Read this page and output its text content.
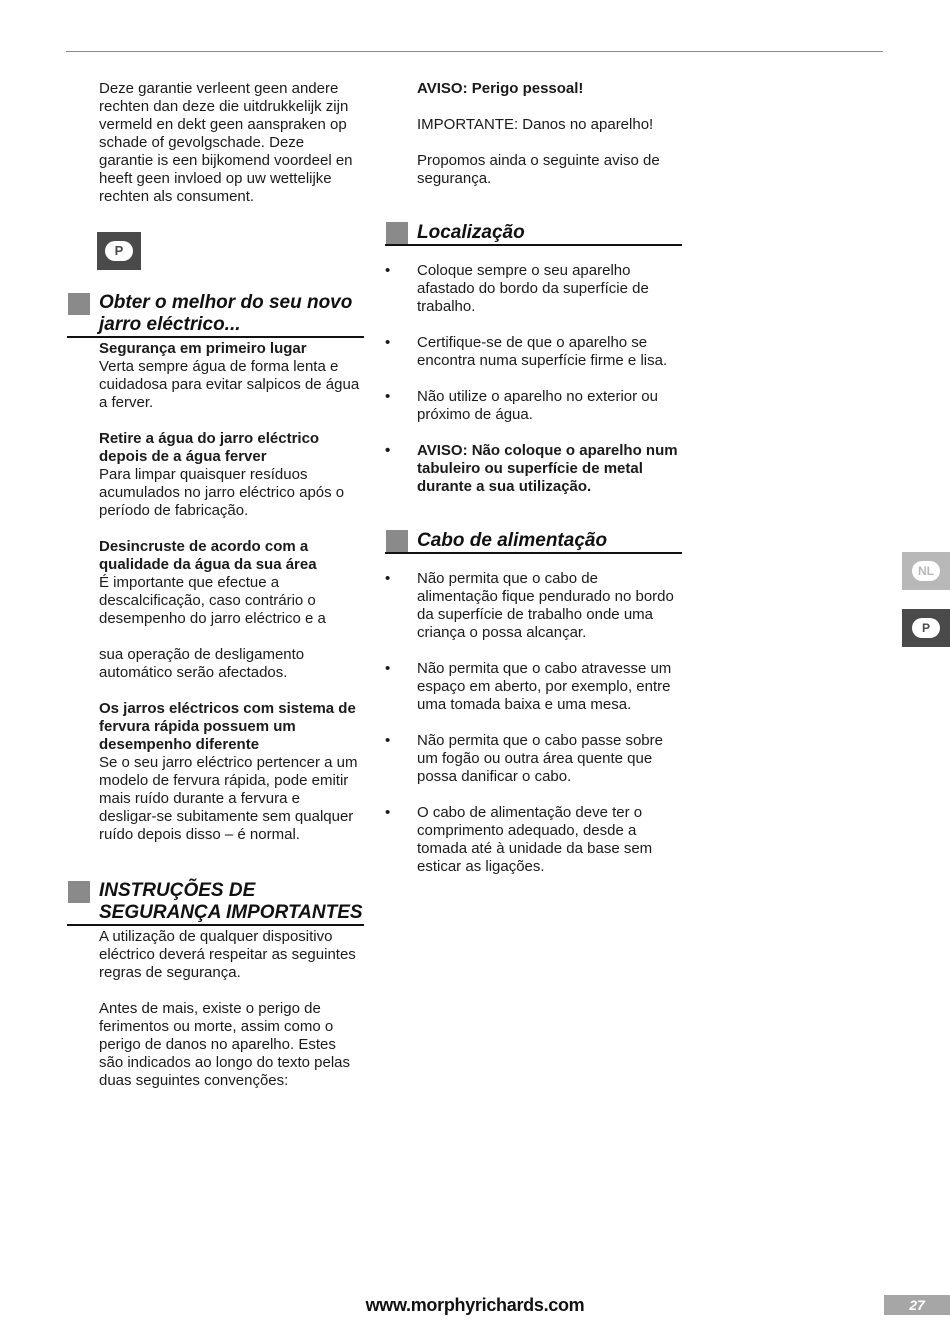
Deze garantie verleent geen andere rechten dan deze die uitdrukkelijk zijn vermeld en dekt geen aanspraken op schade of gevolgschade. Deze garantie is een bijkomend voordeel en heeft geen invloed op uw wettelijke rechten als consument.

P
Obter o melhor do seu novo jarro eléctrico...

Segurança em primeiro lugar

Verta sempre água de forma lenta e cuidadosa para evitar salpicos de água a ferver.

Retire a água do jarro eléctrico depois de a água ferver

Para limpar quaisquer resíduos acumulados no jarro eléctrico após o período de fabricação.

Desincruste de acordo com a qualidade da água da sua área

É importante que efectue a descalcificação, caso contrário o desempenho do jarro eléctrico e a

sua operação de desligamento automático serão afectados.

Os jarros eléctricos com sistema de fervura rápida possuem um desempenho diferente

Se o seu jarro eléctrico pertencer a um modelo de fervura rápida, pode emitir mais ruído durante a fervura e desligar-se subitamente sem qualquer ruído depois disso – é normal.

INSTRUÇÕES DE SEGURANÇA IMPORTANTES

A utilização de qualquer dispositivo eléctrico deverá respeitar as seguintes regras de segurança.

Antes de mais, existe o perigo de ferimentos ou morte, assim como o perigo de danos no aparelho. Estes são indicados ao longo do texto pelas duas seguintes convenções:

AVISO: Perigo pessoal!

IMPORTANTE: Danos no aparelho!

Propomos ainda o seguinte aviso de segurança.

Localização
• Coloque sempre o seu aparelho afastado do bordo da superfície de trabalho.
• Certifique-se de que o aparelho se encontra numa superfície firme e lisa.
• Não utilize o aparelho no exterior ou próximo de água.
• AVISO: Não coloque o aparelho num tabuleiro ou superfície de metal durante a sua utilização.
Cabo de alimentação
• Não permita que o cabo de alimentação fique pendurado no bordo da superfície de trabalho onde uma criança o possa alcançar.
• Não permita que o cabo atravesse um espaço em aberto, por exemplo, entre uma tomada baixa e uma mesa.
• Não permita que o cabo passe sobre um fogão ou outra área quente que possa danificar o cabo.
• O cabo de alimentação deve ter o comprimento adequado, desde a tomada até à unidade da base sem esticar as ligações.
NL
P
www.morphyrichards.com	27
